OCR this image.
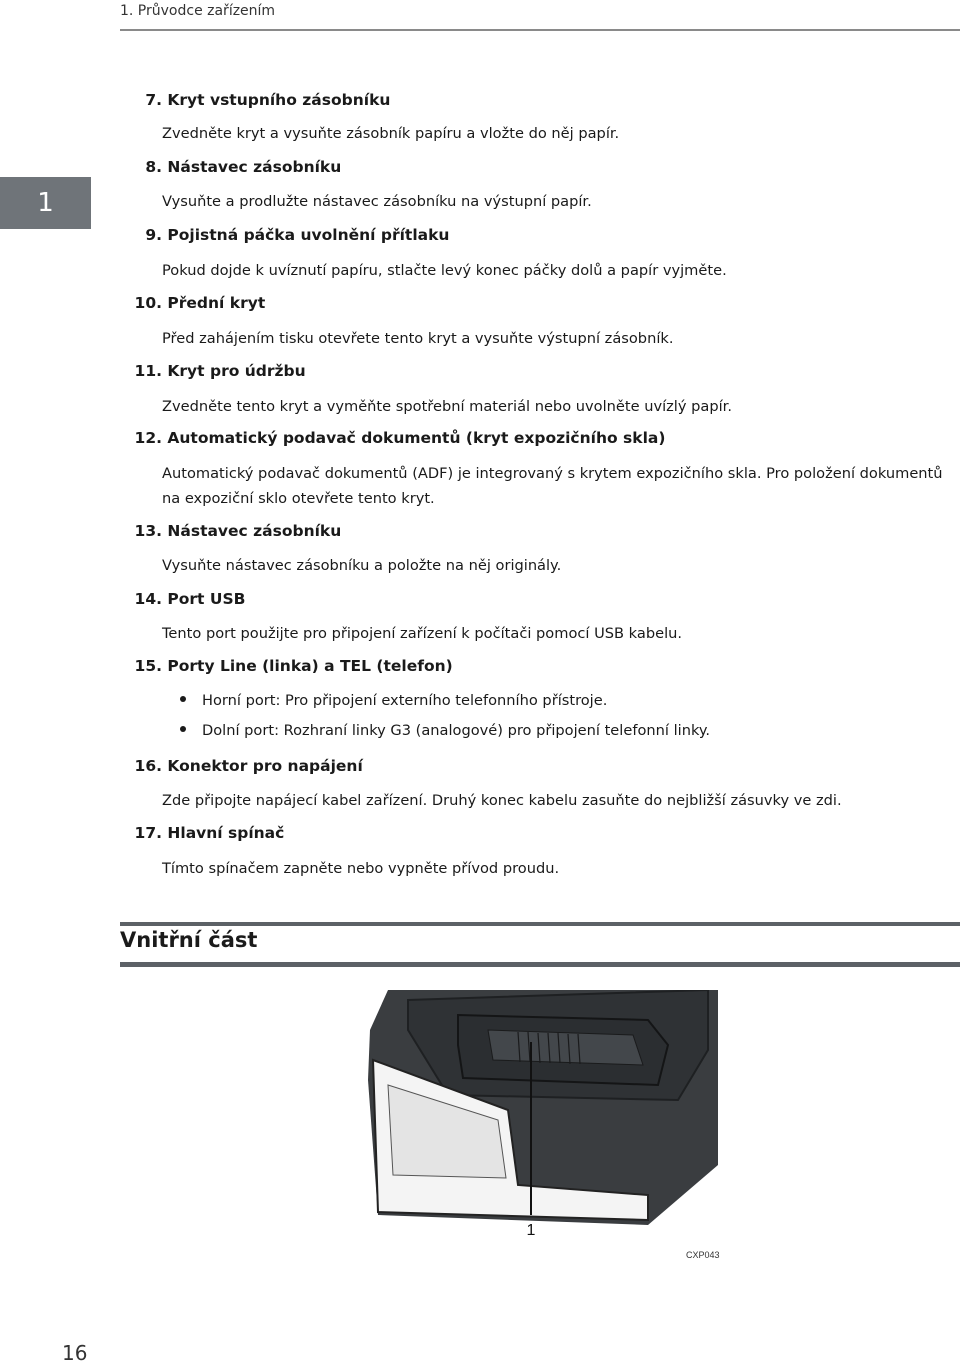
1. Průvodce zařízením
1
7. Kryt vstupního zásobníku
Zvedněte kryt a vysuňte zásobník papíru a vložte do něj papír.
8. Nástavec zásobníku
Vysuňte a prodlužte nástavec zásobníku na výstupní papír.
9. Pojistná páčka uvolnění přítlaku
Pokud dojde k uvíznutí papíru, stlačte levý konec páčky dolů a papír vyjměte.
10. Přední kryt
Před zahájením tisku otevřete tento kryt a vysuňte výstupní zásobník.
11. Kryt pro údržbu
Zvedněte tento kryt a vyměňte spotřební materiál nebo uvolněte uvízlý papír.
12. Automatický podavač dokumentů (kryt expozičního skla)
Automatický podavač dokumentů (ADF) je integrovaný s krytem expozičního skla. Pro položení dokumentů na expoziční sklo otevřete tento kryt.
13. Nástavec zásobníku
Vysuňte nástavec zásobníku a položte na něj originály.
14. Port USB
Tento port použijte pro připojení zařízení k počítači pomocí USB kabelu.
15. Porty Line (linka) a TEL (telefon)
Horní port: Pro připojení externího telefonního přístroje.
Dolní port: Rozhraní linky G3 (analogové) pro připojení telefonní linky.
16. Konektor pro napájení
Zde připojte napájecí kabel zařízení. Druhý konec kabelu zasuňte do nejbližší zásuvky ve zdi.
17. Hlavní spínač
Tímto spínačem zapněte nebo vypněte přívod proudu.
Vnitřní část
1
CXP043
16
